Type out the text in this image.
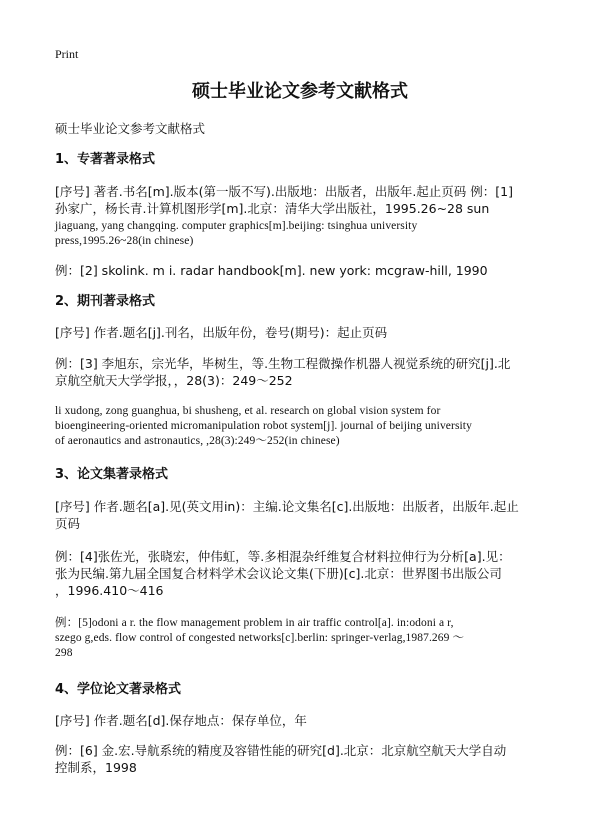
Print
硕士毕业论文参考文献格式
硕士毕业论文参考文献格式
1、专著著录格式
[序号] 著者.书名[m].版本(第一版不写).出版地：出版者，出版年.起止页码 例：[1]
孙家广，杨长青.计算机图形学[m].北京：清华大学出版社，1995.26~28 sun
jiaguang, yang changqing. computer graphics[m].beijing: tsinghua university
press,1995.26~28(in chinese)
例：[2] skolink. m i. radar handbook[m]. new york: mcgraw-hill, 1990
2、期刊著录格式
[序号] 作者.题名[j].刊名，出版年份，卷号(期号)：起止页码
例：[3] 李旭东，宗光华，毕树生，等.生物工程微操作机器人视觉系统的研究[j].北
京航空航天大学学报，，28(3)：249～252
li xudong, zong guanghua, bi shusheng, et al. research on global vision system for
bioengineering-oriented micromanipulation robot system[j]. journal of beijing university
of aeronautics and astronautics, ,28(3):249～252(in chinese)
3、论文集著录格式
[序号] 作者.题名[a].见(英文用in)：主编.论文集名[c].出版地：出版者，出版年.起止
页码
例：[4]张佐光，张晓宏，仲伟虹，等.多相混杂纤维复合材料拉伸行为分析[a].见：
张为民编.第九届全国复合材料学术会议论文集(下册)[c].北京：世界图书出版公司
，1996.410～416
例：[5]odoni a r. the flow management problem in air traffic control[a]. in:odoni a r,
szego g,eds. flow control of congested networks[c].berlin: springer-verlag,1987.269 ～
298
4、学位论文著录格式
[序号] 作者.题名[d].保存地点：保存单位，年
例：[6] 金.宏.导航系统的精度及容错性能的研究[d].北京：北京航空航天大学自动
控制系，1998
